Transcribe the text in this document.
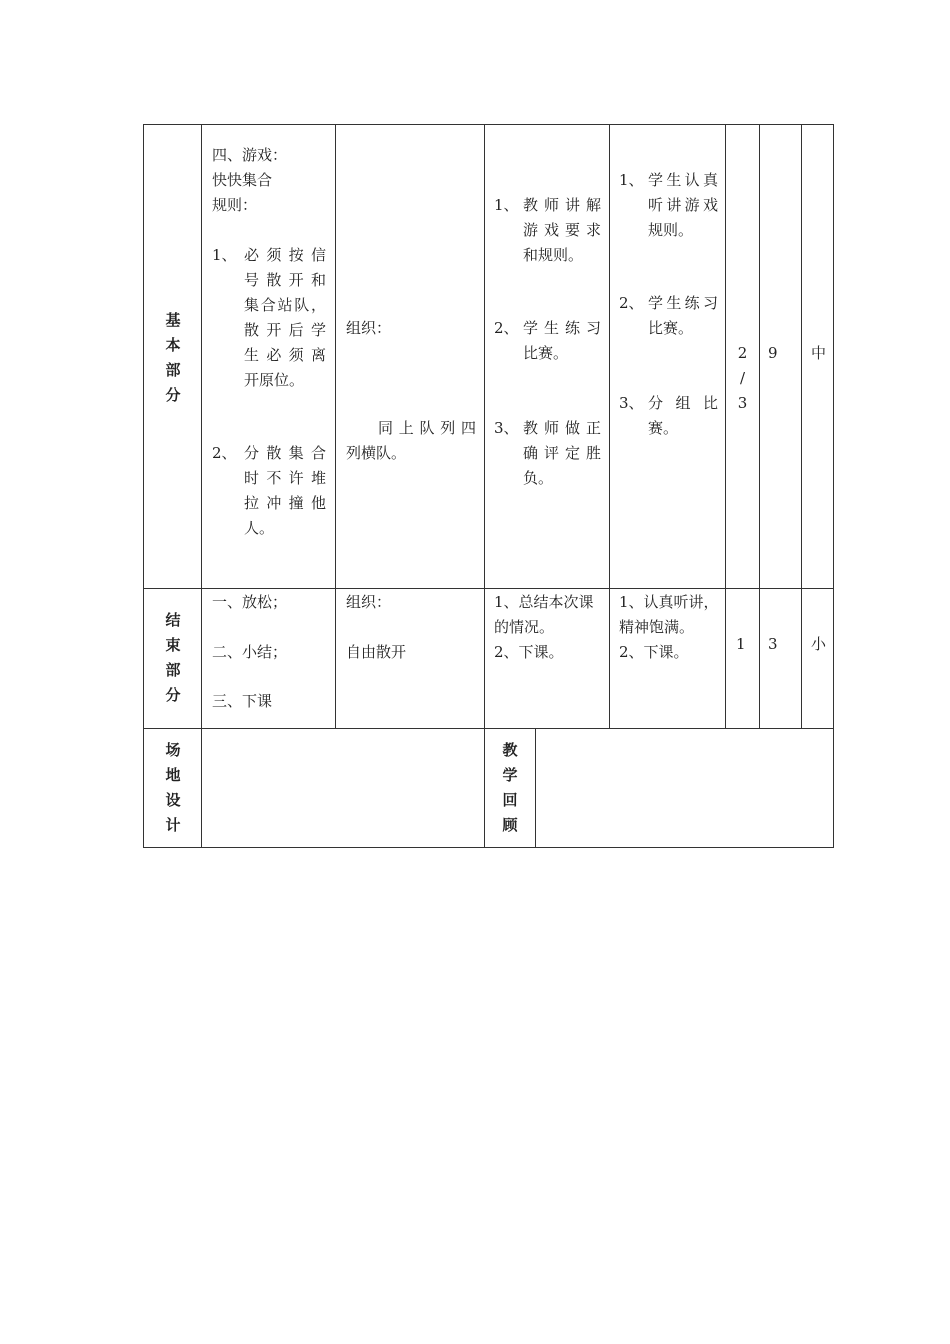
基
本
部
分
四、游戏：
快快集合
规则：
1、 必须按信
号散开和
集合站队，
散开后学
生必须离
开原位。
2、 分散集合
时不许堆
拉冲撞他
人。
组织：
同上队列四
列横队。
1、 教师讲解
游戏要求
和规则。
2、 学生练习
比赛。
3、 教师做正
确评定胜
负。
1、 学生认真
听讲游戏
规则。
2、 学生练习
比赛。
3、 分组比
赛。
2
/
3
9 中
结
束
部
分
一、放松；
二、小结；
三、下课
组织：
自由散开
1、总结本次课
的情况。
2、下课。
1、认真听讲，
精神饱满。
2、下课。	1 3 小
场
地
设
计
教
学
回
顾
